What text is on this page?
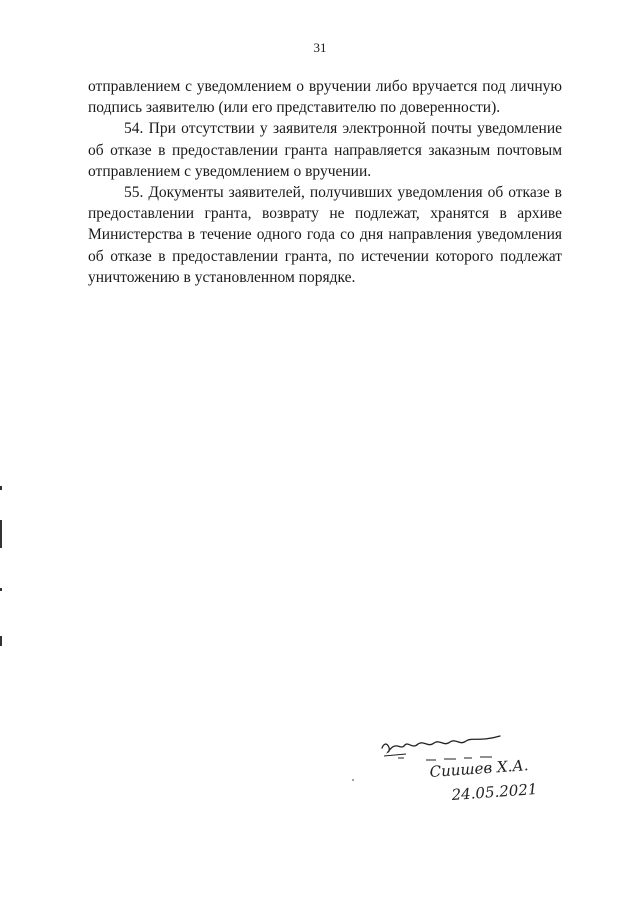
31

отправлением с уведомлением о вручении либо вручается под личную подпись заявителю (или его представителю по доверенности).

54. При отсутствии у заявителя электронной почты уведомление об отказе в предоставлении гранта направляется заказным почтовым отправлением с уведомлением о вручении.

55. Документы заявителей, получивших уведомления об отказе в предоставлении гранта, возврату не подлежат, хранятся в архиве Министерства в течение одного года со дня направления уведомления об отказе в предоставлении гранта, по истечении которого подлежат уничтожению в установленном порядке.

Сиишев Х.А.
24.05.2021
